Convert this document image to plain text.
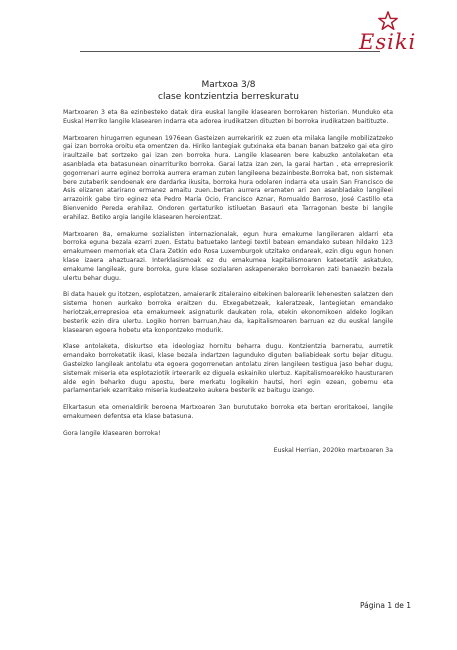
Esiki
Martxoa 3/8
clase kontzientzia berreskuratu

Martxoaren 3 eta 8a ezinbesteko datak dira euskal langile klasearen borrokaren historian. Munduko eta Euskal Herriko langile klasearen indarra eta adorea irudikatzen dituzten bi borroka irudikatzen baitituzte.

Martxoaren hirugarren egunean 1976ean Gasteizen aurrekaririk ez zuen eta milaka langile mobilizatzeko gai izan borroka oroitu eta omentzen da. Hiriko lantegiak gutxinaka eta banan banan batzeko gai eta giro iraultzaile bat sortzeko gai izan zen borroka hura. Langile klasearen bere kabuzko antolaketan eta asanblada eta batasunean oinarrituriko borroka. Garai latza izan zen, la garai hartan , eta errepresiorik gogorrenari aurre eginez borroka aurrera eraman zuten langileena bezainbeste.Borroka bat, non sistemak bere zutaberik sendoenak ere dardarka ikusita, borroka hura odolaren indarra eta usain San Francisco de Asis elizaren atarirano ermanez amaitu zuen..bertan aurrera eramaten ari zen asanbladako langileei arrazoirik gabe tiro eginez eta Pedro María Ocio, Francisco Aznar, Romualdo Barroso, José Castillo eta Bienvenido Pereda erahilaz. Ondoren gertaturiko istiluetan Basauri eta Tarragonan beste bi langile erahilaz. Betiko argia langile klasearen heroientzat.

Martxoaren 8a, emakume sozialisten internazionalak, egun hura emakume langileraren aldarri eta borroka eguna bezala ezarri zuen. Estatu batuetako lantegi textil batean emandako sutean hildako 123 emakumeen memoriak eta Clara Zetkin edo Rosa Luxemburgok utzitako ondareak, ezin digu egun honen klase izaera ahaztuarazi. Interklasismoak ez du emakumea kapitalismoaren kateetatik askatuko, emakume langileak, gure borroka, gure klase sozialaren askapenerako borrokaren zati banaezin bezala ulertu behar dugu.

Bi data hauek gu itotzen, esplotatzen, amaierarik zitaleraino eitekinen balorearik lehenesten salatzen den sistema honen aurkako borroka eraitzen du. Etxegabetzeak, kaleratzeak, lantegietan emandako heriotzak,errepresioa eta emakumeek asignaturik daukaten rola, etekin ekonomikoen aldeko logikan besterik ezin dira ulertu. Logiko horren barruan,hau da, kapitalismoaren barruan ez du euskal langile klasearen egoera hobetu eta konpontzeko modurik.

Klase antolaketa, diskurtso eta ideologiaz hornitu beharra dugu. Kontzientzia barneratu, aurretik emandako borroketatik ikasi, klase bezala indartzen lagunduko diguten baliabideak sortu bejar ditugu. Gasteizko langileak antolatu eta egoera gogorrenetan antolatu ziren langileen testigua jaso behar dugu, sistemak miseria eta esplotaziotik irteerarik ez diguela eskainiko ulertuz. Kapitalismoarekiko hausturaren alde egin beharko dugu apostu, bere merkatu logikekin hautsi, hori egin ezean, gobernu eta parlamentariek ezarritako miseria kudeatzeko aukera besterik ez baitugu izango.

Elkartasun eta omenaldirik beroena Martxoaren 3an burututako borroka eta bertan eroritakoei, langile emakumeen defentsa eta klase batasuna.

Gora langile klasearen borroka!

Euskal Herrian, 2020ko martxoaren 3a
Página 1 de 1
